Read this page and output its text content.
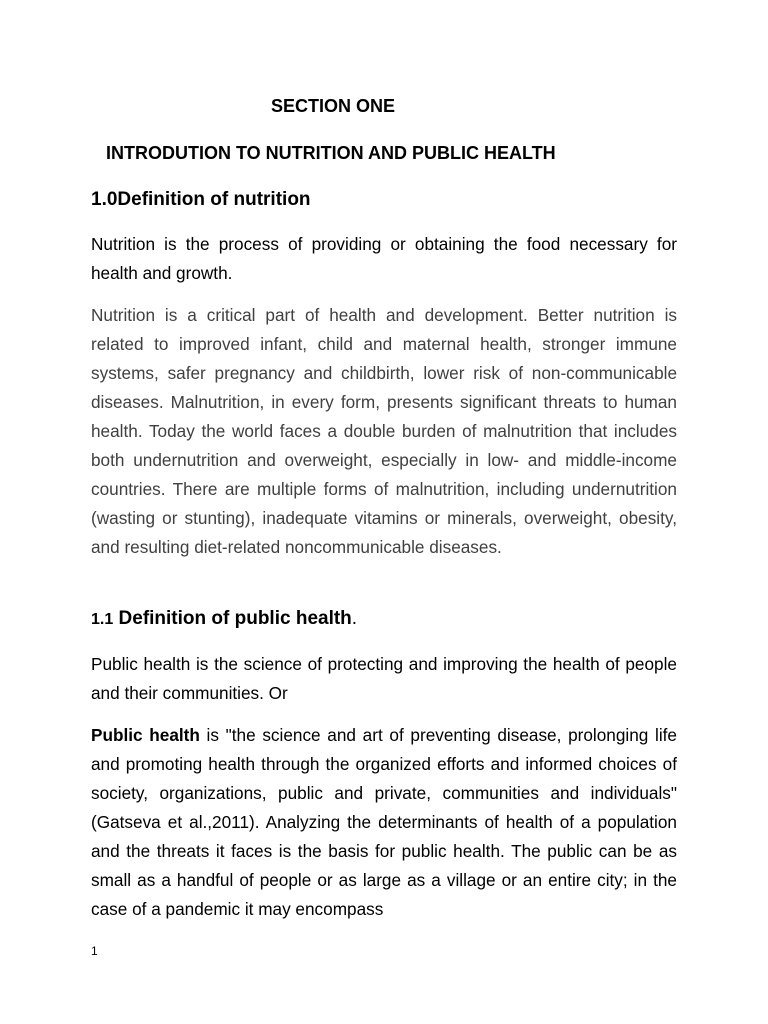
SECTION ONE
INTRODUTION TO NUTRITION AND PUBLIC HEALTH
1.0Definition of nutrition

Nutrition is the process of providing or obtaining the food necessary for health and growth.

Nutrition is a critical part of health and development. Better nutrition is related to improved infant, child and maternal health, stronger immune systems, safer pregnancy and childbirth, lower risk of non-communicable diseases. Malnutrition, in every form, presents significant threats to human health. Today the world faces a double burden of malnutrition that includes both undernutrition and overweight, especially in low- and middle-income countries. There are multiple forms of malnutrition, including undernutrition (wasting or stunting), inadequate vitamins or minerals, overweight, obesity, and resulting diet-related noncommunicable diseases.

1.1 Definition of public health.

Public health is the science of protecting and improving the health of people and their communities. Or

Public health is "the science and art of preventing disease, prolonging life and promoting health through the organized efforts and informed choices of society, organizations, public and private, communities and individuals"(Gatseva et al.,2011). Analyzing the determinants of health of a population and the threats it faces is the basis for public health. The public can be as small as a handful of people or as large as a village or an entire city; in the case of a pandemic it may encompass

1
